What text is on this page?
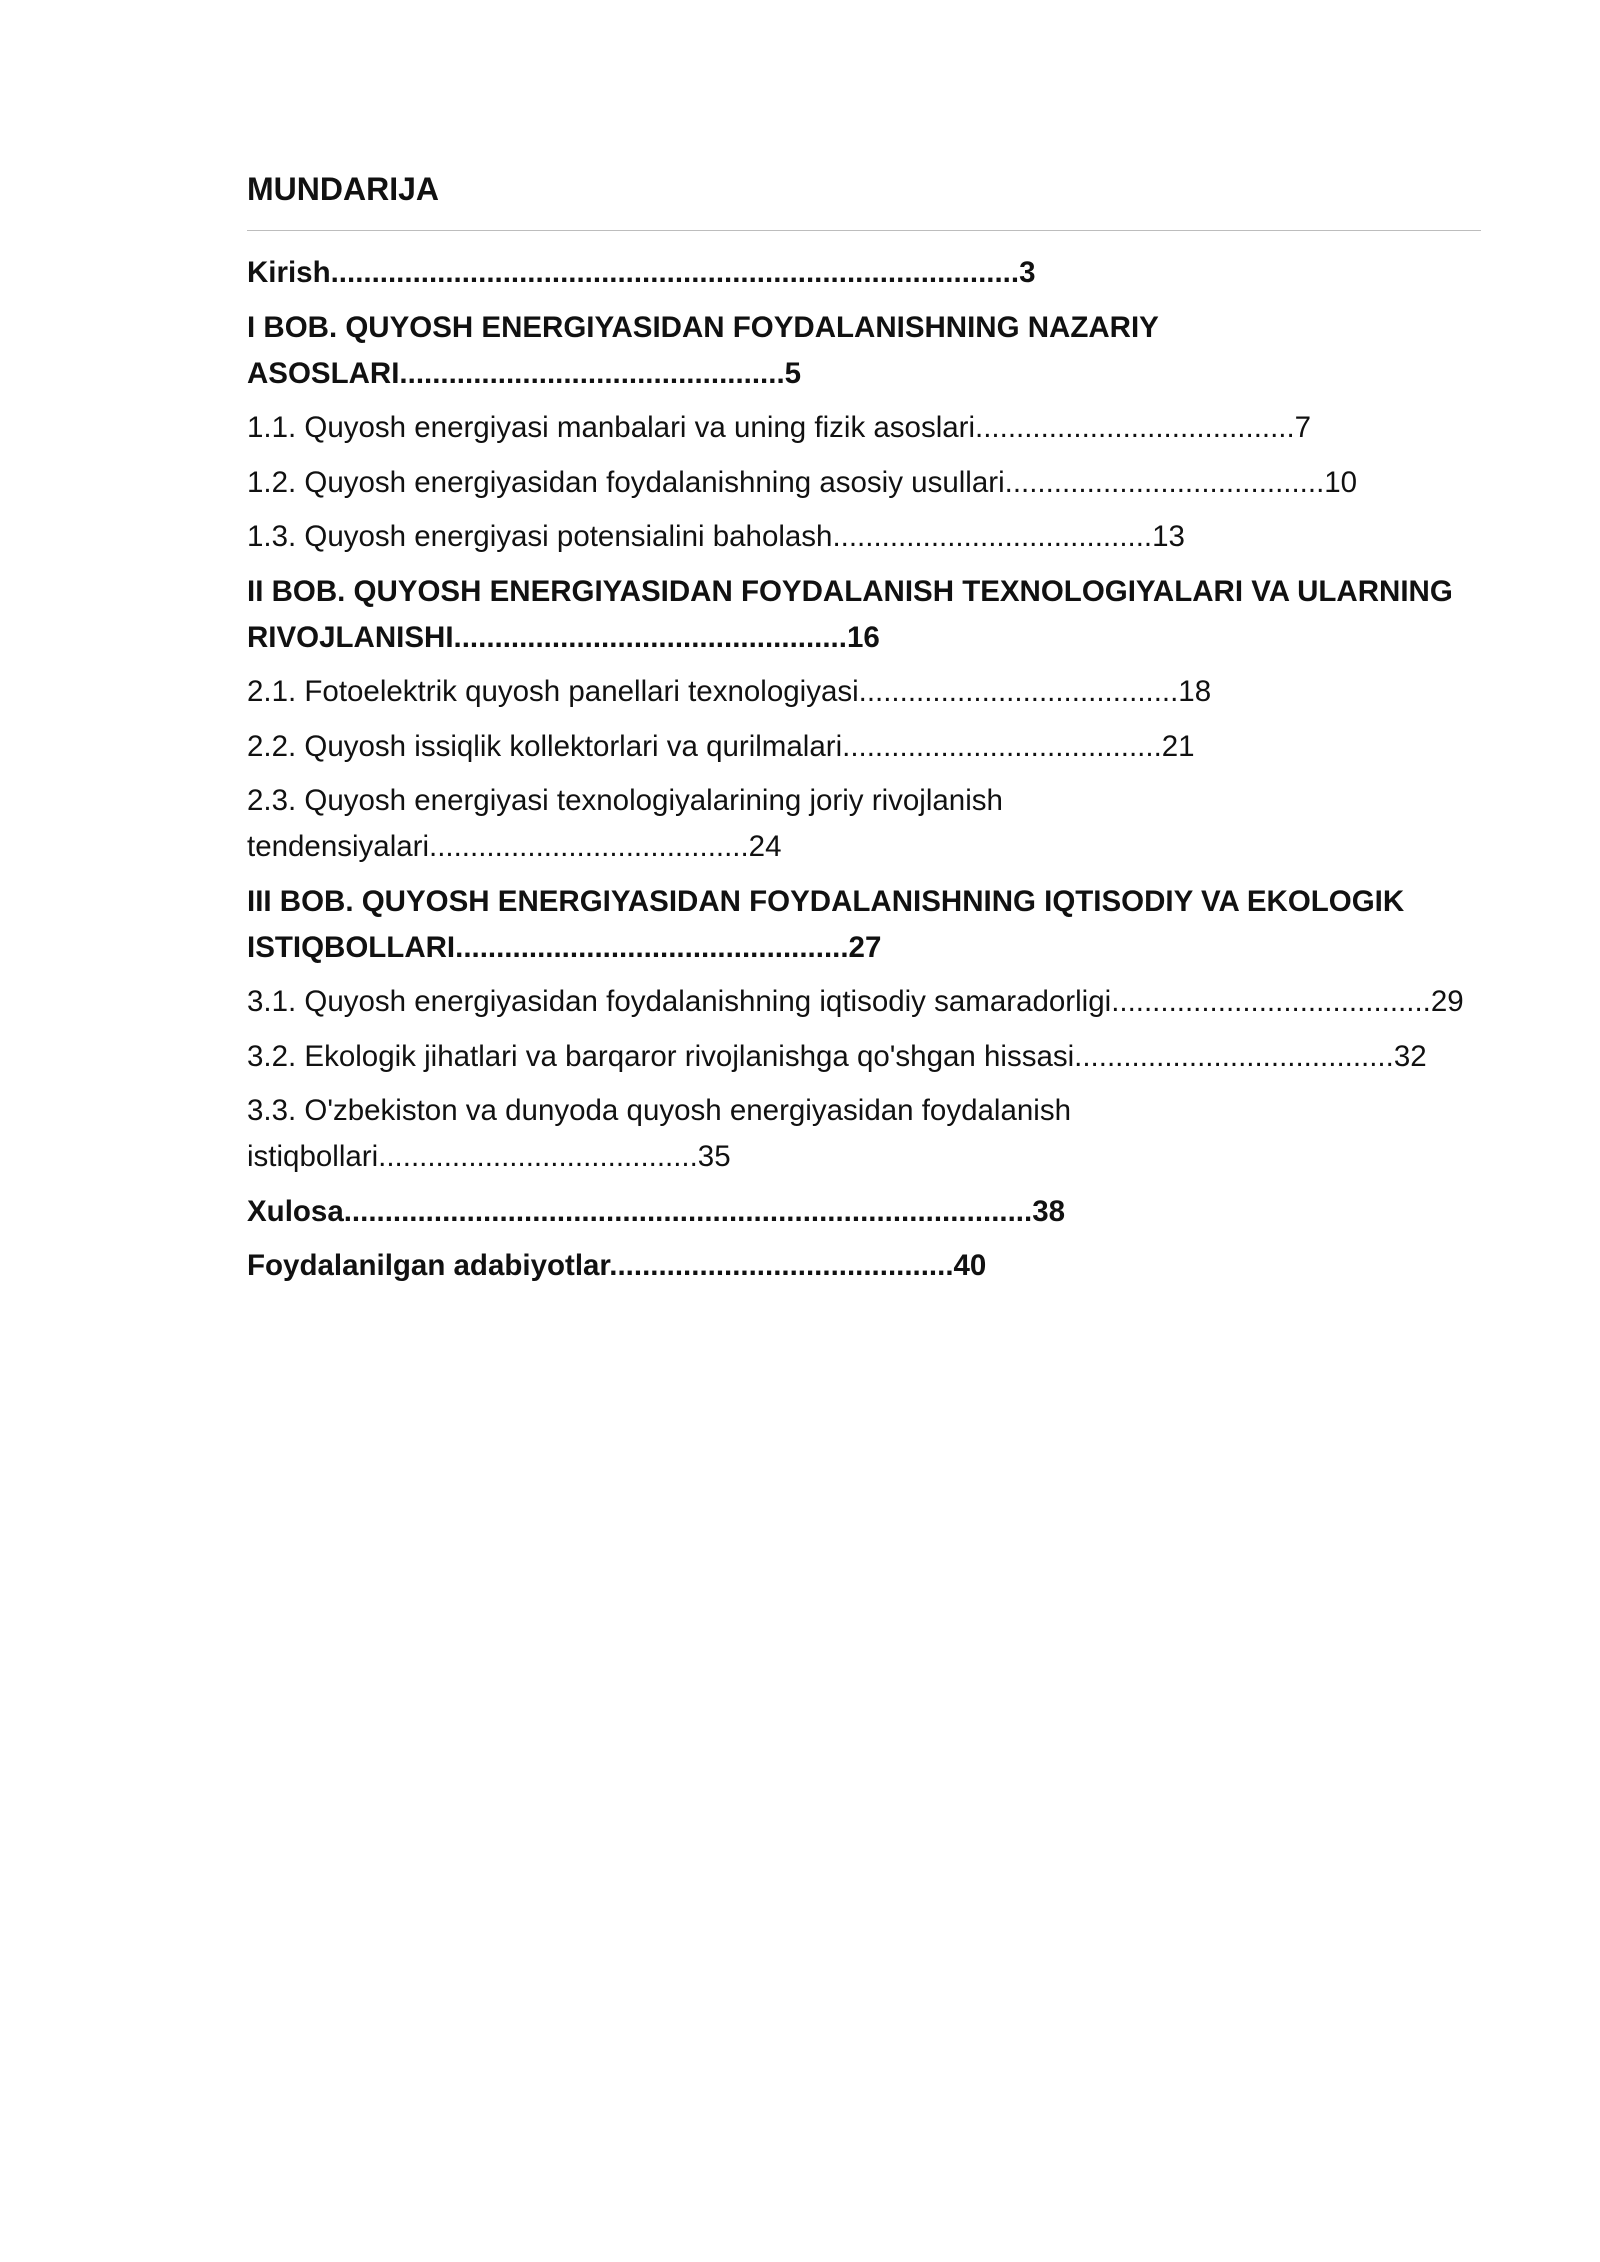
MUNDARIJA
Kirish....................................................................................3
I BOB. QUYOSH ENERGIYASIDAN FOYDALANISHNING NAZARIY
ASOSLARI...............................................5
1.1. Quyosh energiyasi manbalari va uning fizik asoslari.......................................7
1.2. Quyosh energiyasidan foydalanishning asosiy usullari.......................................10
1.3. Quyosh energiyasi potensialini baholash.......................................13
II BOB. QUYOSH ENERGIYASIDAN FOYDALANISH TEXNOLOGIYALARI VA ULARNING
RIVOJLANISHI................................................16
2.1. Fotoelektrik quyosh panellari texnologiyasi.......................................18
2.2. Quyosh issiqlik kollektorlari va qurilmalari.......................................21
2.3. Quyosh energiyasi texnologiyalarining joriy rivojlanish
tendensiyalari.......................................24
III BOB. QUYOSH ENERGIYASIDAN FOYDALANISHNING IQTISODIY VA EKOLOGIK
ISTIQBOLLARI................................................27
3.1. Quyosh energiyasidan foydalanishning iqtisodiy samaradorligi.......................................29
3.2. Ekologik jihatlari va barqaror rivojlanishga qo'shgan hissasi.......................................32
3.3. O'zbekiston va dunyoda quyosh energiyasidan foydalanish
istiqbollari.......................................35
Xulosa....................................................................................38
Foydalanilgan adabiyotlar..........................................40
